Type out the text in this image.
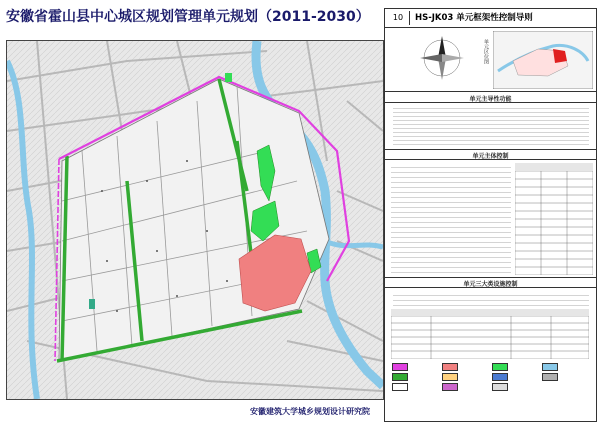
安徽省霍山县中心城区规划管理单元规划（2011-2030）	10	HS-JK03 单元框架性控制导则
单元区位图
单元主导性功能
单元主体控制
单元三大类设施控制
安徽建筑大学城乡规划设计研究院
